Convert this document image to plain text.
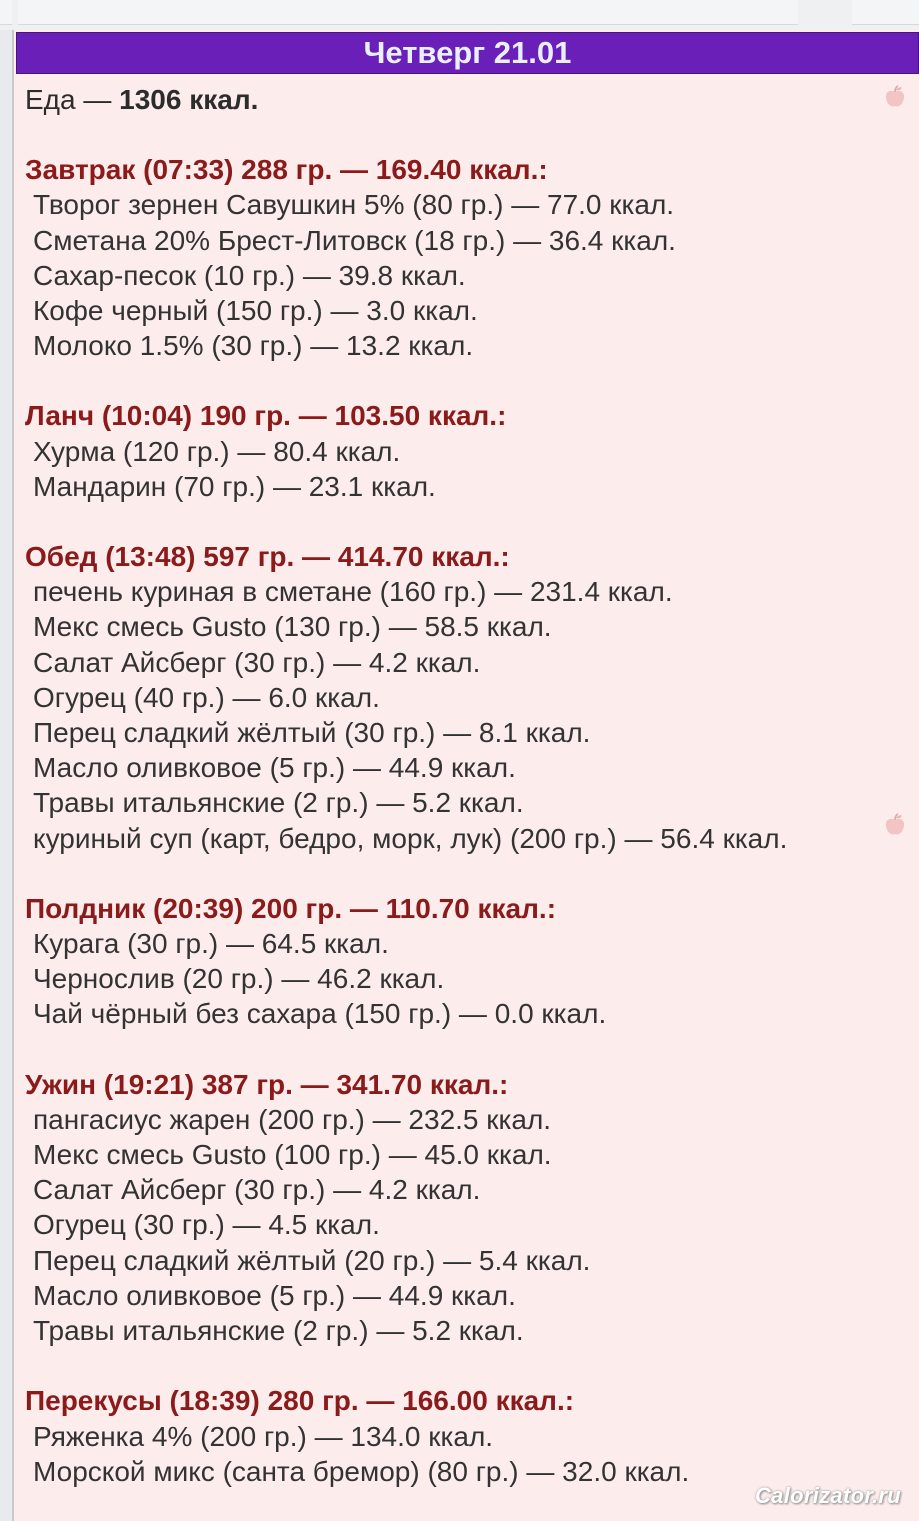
Четверг 21.01
Еда — 1306 ккал.
Завтрак (07:33) 288 гр. — 169.40 ккал.:
Творог зернен Савушкин 5% (80 гр.) — 77.0 ккал.
Сметана 20% Брест-Литовск (18 гр.) — 36.4 ккал.
Сахар-песок (10 гр.) — 39.8 ккал.
Кофе черный (150 гр.) — 3.0 ккал.
Молоко 1.5% (30 гр.) — 13.2 ккал.
Ланч (10:04) 190 гр. — 103.50 ккал.:
Хурма (120 гр.) — 80.4 ккал.
Мандарин (70 гр.) — 23.1 ккал.
Обед (13:48) 597 гр. — 414.70 ккал.:
печень куриная в сметане (160 гр.) — 231.4 ккал.
Мекс смесь Gusto (130 гр.) — 58.5 ккал.
Салат Айсберг (30 гр.) — 4.2 ккал.
Огурец (40 гр.) — 6.0 ккал.
Перец сладкий жёлтый (30 гр.) — 8.1 ккал.
Масло оливковое (5 гр.) — 44.9 ккал.
Травы итальянские (2 гр.) — 5.2 ккал.
куриный суп (карт, бедро, морк, лук) (200 гр.) — 56.4 ккал.
Полдник (20:39) 200 гр. — 110.70 ккал.:
Курага (30 гр.) — 64.5 ккал.
Чернослив (20 гр.) — 46.2 ккал.
Чай чёрный без сахара (150 гр.) — 0.0 ккал.
Ужин (19:21) 387 гр. — 341.70 ккал.:
пангасиус жарен (200 гр.) — 232.5 ккал.
Мекс смесь Gusto (100 гр.) — 45.0 ккал.
Салат Айсберг (30 гр.) — 4.2 ккал.
Огурец (30 гр.) — 4.5 ккал.
Перец сладкий жёлтый (20 гр.) — 5.4 ккал.
Масло оливковое (5 гр.) — 44.9 ккал.
Травы итальянские (2 гр.) — 5.2 ккал.
Перекусы (18:39) 280 гр. — 166.00 ккал.:
Ряженка 4% (200 гр.) — 134.0 ккал.
Морской микс (санта бремор) (80 гр.) — 32.0 ккал.
Calorizator.ru
